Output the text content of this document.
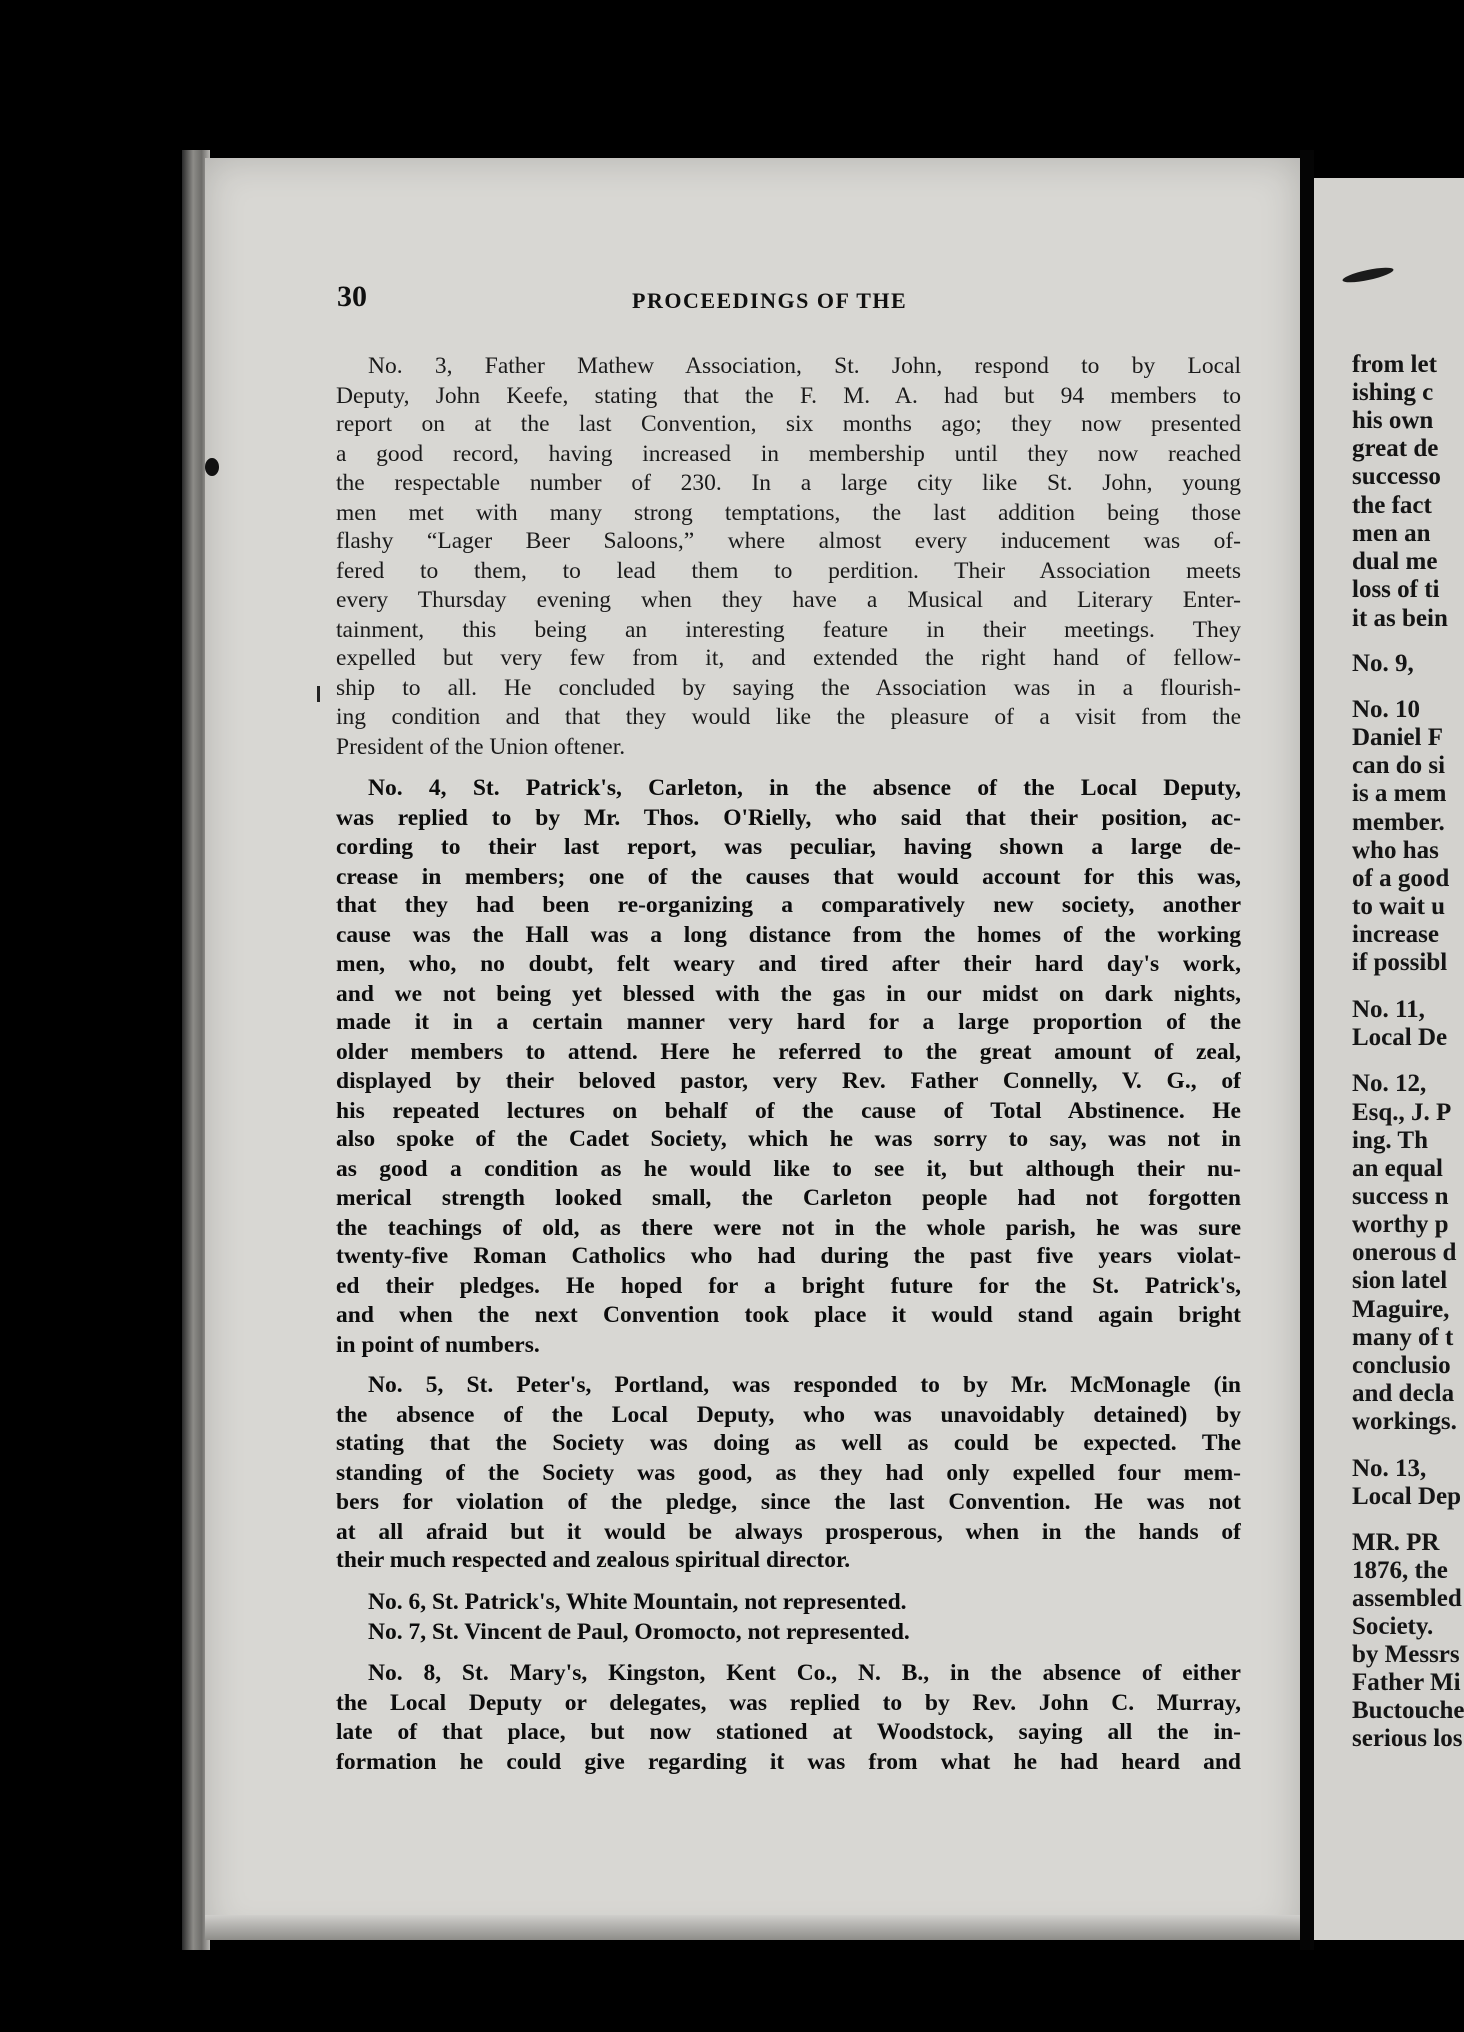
from let
ishing c
his own
great de
successo
the fact
men an
dual me
loss of ti
it as bein
No. 9,
No. 10
Daniel F
can do si
is a mem
member.
who has
of a good
to wait u
increase
if possibl
No. 11,
Local De
No. 12,
Esq., J. P
ing. Th
an equal
success n
worthy p
onerous d
sion latel
Maguire,
many of t
conclusio
and decla
workings.
No. 13,
Local Dep
MR. PR
1876, the
assembled
Society.
by Messrs
Father Mi
Buctouche
serious los
30	PROCEEDINGS OF THE
No. 3, Father Mathew Association, St. John, respond to by Local
Deputy, John Keefe, stating that the F. M. A. had but 94 members to
report on at the last Convention, six months ago; they now presented
a good record, having increased in membership until they now reached
the respectable number of 230. In a large city like St. John, young
men met with many strong temptations, the last addition being those
flashy “Lager Beer Saloons,” where almost every inducement was of-
fered to them, to lead them to perdition. Their Association meets
every Thursday evening when they have a Musical and Literary Enter-
tainment, this being an interesting feature in their meetings. They
expelled but very few from it, and extended the right hand of fellow-
ship to all. He concluded by saying the Association was in a flourish-
ing condition and that they would like the pleasure of a visit from the
President of the Union oftener.
No. 4, St. Patrick's, Carleton, in the absence of the Local Deputy,
was replied to by Mr. Thos. O'Rielly, who said that their position, ac-
cording to their last report, was peculiar, having shown a large de-
crease in members; one of the causes that would account for this was,
that they had been re-organizing a comparatively new society, another
cause was the Hall was a long distance from the homes of the working
men, who, no doubt, felt weary and tired after their hard day's work,
and we not being yet blessed with the gas in our midst on dark nights,
made it in a certain manner very hard for a large proportion of the
older members to attend. Here he referred to the great amount of zeal,
displayed by their beloved pastor, very Rev. Father Connelly, V. G., of
his repeated lectures on behalf of the cause of Total Abstinence. He
also spoke of the Cadet Society, which he was sorry to say, was not in
as good a condition as he would like to see it, but although their nu-
merical strength looked small, the Carleton people had not forgotten
the teachings of old, as there were not in the whole parish, he was sure
twenty-five Roman Catholics who had during the past five years violat-
ed their pledges. He hoped for a bright future for the St. Patrick's,
and when the next Convention took place it would stand again bright
in point of numbers.
No. 5, St. Peter's, Portland, was responded to by Mr. McMonagle (in
the absence of the Local Deputy, who was unavoidably detained) by
stating that the Society was doing as well as could be expected. The
standing of the Society was good, as they had only expelled four mem-
bers for violation of the pledge, since the last Convention. He was not
at all afraid but it would be always prosperous, when in the hands of
their much respected and zealous spiritual director.
No. 6, St. Patrick's, White Mountain, not represented.
No. 7, St. Vincent de Paul, Oromocto, not represented.
No. 8, St. Mary's, Kingston, Kent Co., N. B., in the absence of either
the Local Deputy or delegates, was replied to by Rev. John C. Murray,
late of that place, but now stationed at Woodstock, saying all the in-
formation he could give regarding it was from what he had heard and
